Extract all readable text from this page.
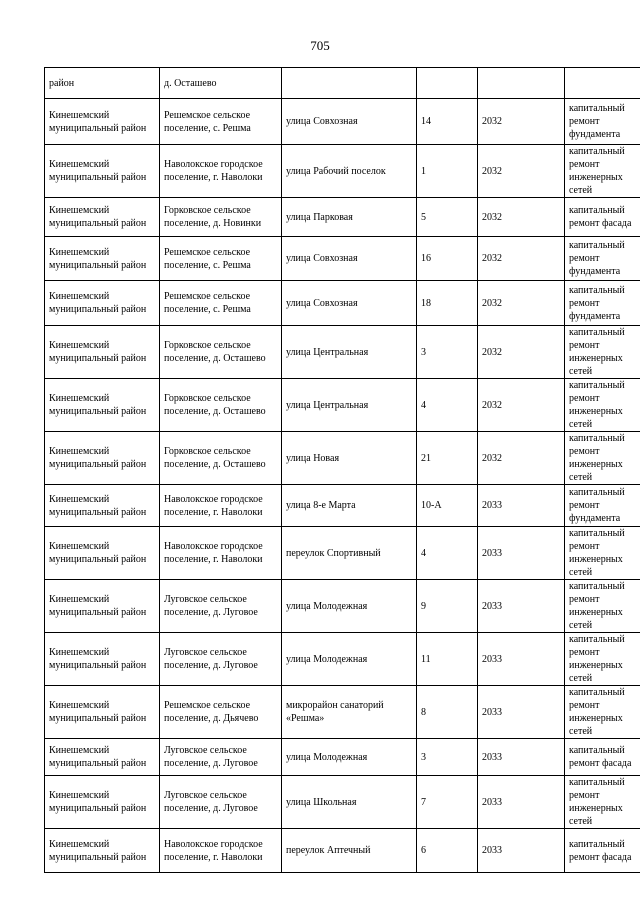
705
район	д. Осташево				
Кинешемский муниципальный район	Решемское сельское поселение, с. Решма	улица Совхозная	14	2032	капитальный ремонт фундамента
Кинешемский муниципальный район	Наволокское городское поселение, г. Наволоки	улица Рабочий поселок	1	2032	капитальный ремонт инженерных сетей
Кинешемский муниципальный район	Горковское сельское поселение, д. Новинки	улица Парковая	5	2032	капитальный ремонт фасада
Кинешемский муниципальный район	Решемское сельское поселение, с. Решма	улица Совхозная	16	2032	капитальный ремонт фундамента
Кинешемский муниципальный район	Решемское сельское поселение, с. Решма	улица Совхозная	18	2032	капитальный ремонт фундамента
Кинешемский муниципальный район	Горковское сельское поселение, д. Осташево	улица Центральная	3	2032	капитальный ремонт инженерных сетей
Кинешемский муниципальный район	Горковское сельское поселение, д. Осташево	улица Центральная	4	2032	капитальный ремонт инженерных сетей
Кинешемский муниципальный район	Горковское сельское поселение, д. Осташево	улица Новая	21	2032	капитальный ремонт инженерных сетей
Кинешемский муниципальный район	Наволокское городское поселение, г. Наволоки	улица 8-е Марта	10-А	2033	капитальный ремонт фундамента
Кинешемский муниципальный район	Наволокское городское поселение, г. Наволоки	переулок Спортивный	4	2033	капитальный ремонт инженерных сетей
Кинешемский муниципальный район	Луговское сельское поселение, д. Луговое	улица Молодежная	9	2033	капитальный ремонт инженерных сетей
Кинешемский муниципальный район	Луговское сельское поселение, д. Луговое	улица Молодежная	11	2033	капитальный ремонт инженерных сетей
Кинешемский муниципальный район	Решемское сельское поселение, д. Дьячево	микрорайон санаторий «Решма»	8	2033	капитальный ремонт инженерных сетей
Кинешемский муниципальный район	Луговское сельское поселение, д. Луговое	улица Молодежная	3	2033	капитальный ремонт фасада
Кинешемский муниципальный район	Луговское сельское поселение, д. Луговое	улица Школьная	7	2033	капитальный ремонт инженерных сетей
Кинешемский муниципальный район	Наволокское городское поселение, г. Наволоки	переулок Аптечный	6	2033	капитальный ремонт фасада
